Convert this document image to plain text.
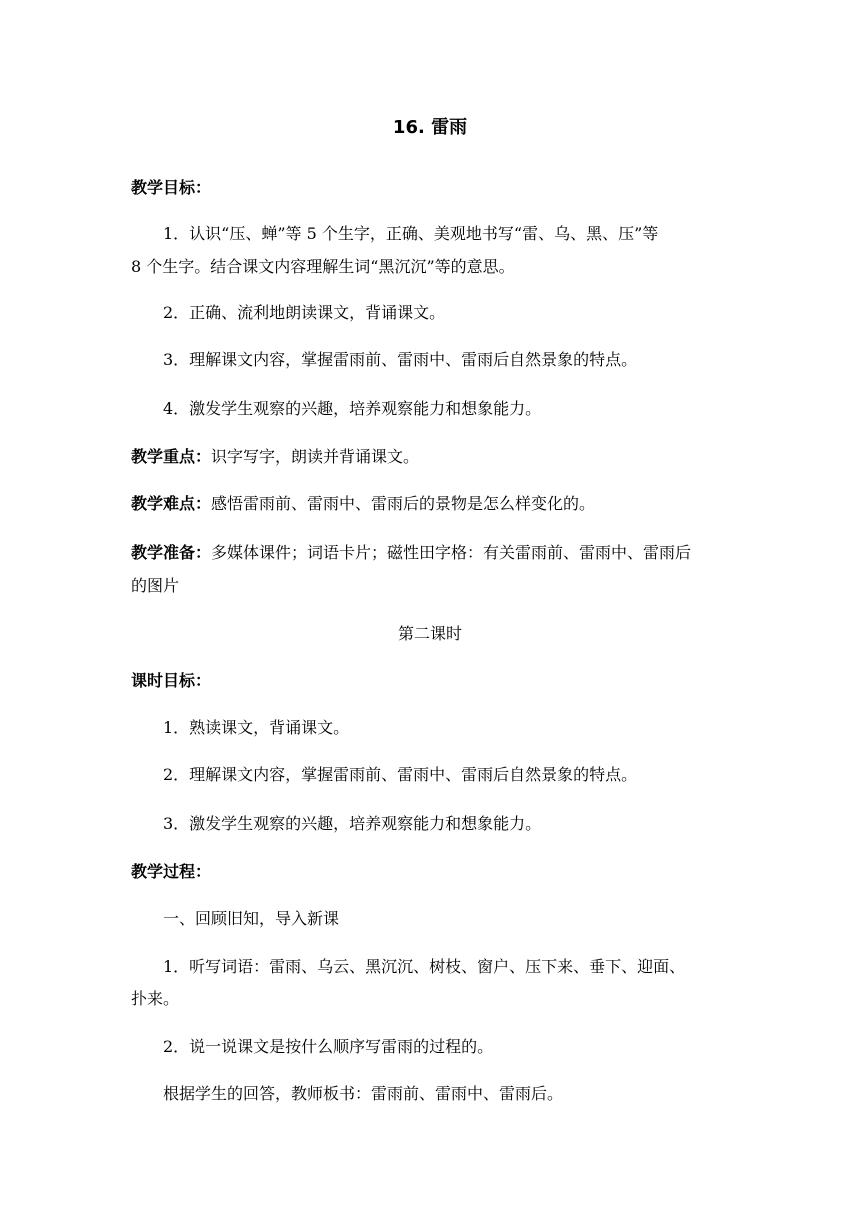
16. 雷雨
教学目标：
1．认识“压、蝉”等 5 个生字，正确、美观地书写“雷、乌、黑、压”等
8 个生字。结合课文内容理解生词“黑沉沉”等的意思。
2．正确、流利地朗读课文，背诵课文。
3．理解课文内容，掌握雷雨前、雷雨中、雷雨后自然景象的特点。
4．激发学生观察的兴趣，培养观察能力和想象能力。
教学重点：识字写字，朗读并背诵课文。
教学难点：感悟雷雨前、雷雨中、雷雨后的景物是怎么样变化的。
教学准备：多媒体课件；词语卡片；磁性田字格：有关雷雨前、雷雨中、雷雨后
的图片
第二课时
课时目标：
1．熟读课文，背诵课文。
2．理解课文内容，掌握雷雨前、雷雨中、雷雨后自然景象的特点。
3．激发学生观察的兴趣，培养观察能力和想象能力。
教学过程：
一、回顾旧知，导入新课
1．听写词语：雷雨、乌云、黑沉沉、树枝、窗户、压下来、垂下、迎面、
扑来。
2．说一说课文是按什么顺序写雷雨的过程的。
根据学生的回答，教师板书：雷雨前、雷雨中、雷雨后。
